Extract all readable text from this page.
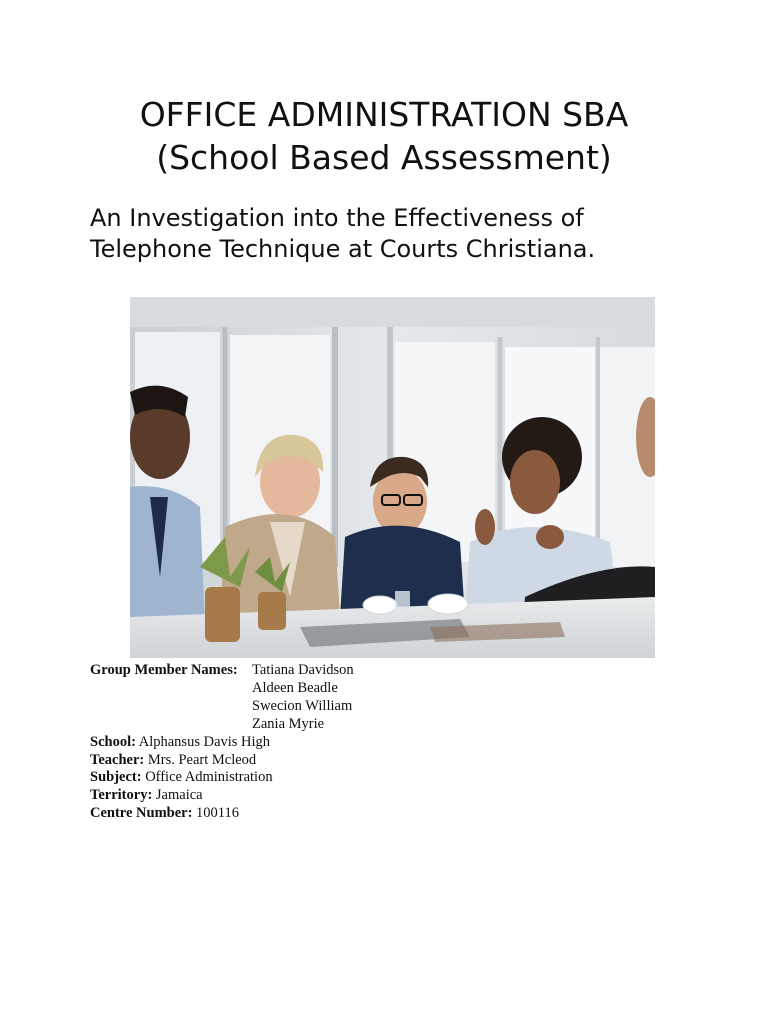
OFFICE ADMINISTRATION SBA
(School Based Assessment)
An Investigation into the Effectiveness of
Telephone Technique at Courts Christiana.
Group Member Names:

School: Alphansus Davis High
Teacher: Mrs. Peart Mcleod
Subject: Office Administration
Territory: Jamaica
Centre Number: 100116
Tatiana Davidson
Aldeen Beadle
Swecion William
Zania Myrie
